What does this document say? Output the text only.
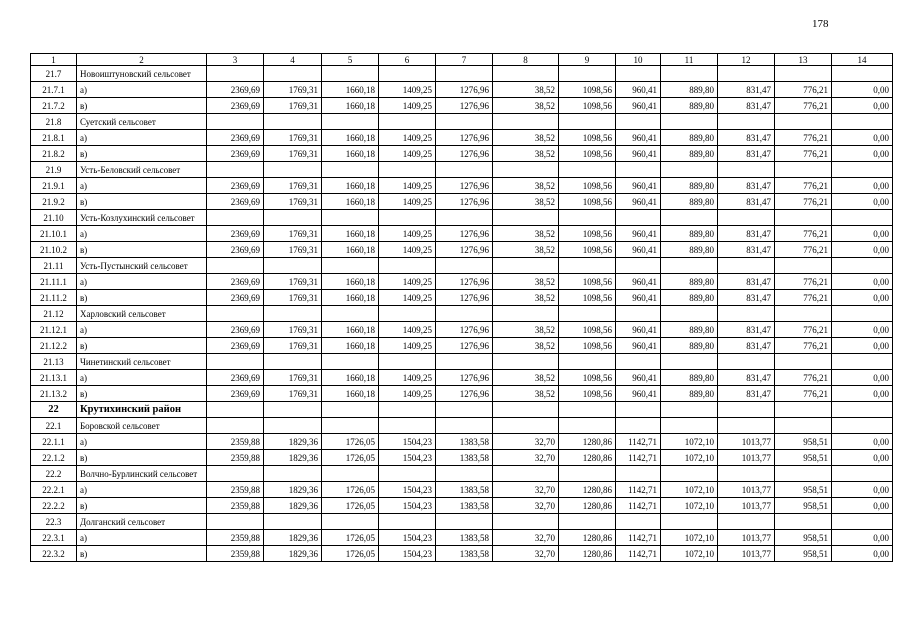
178
1	2	3	4	5	6	7	8	9	10	11	12	13	14
21.7	Новоиштуновский сельсовет												
21.7.1	а)	2369,69	1769,31	1660,18	1409,25	1276,96	38,52	1098,56	960,41	889,80	831,47	776,21	0,00
21.7.2	в)	2369,69	1769,31	1660,18	1409,25	1276,96	38,52	1098,56	960,41	889,80	831,47	776,21	0,00
21.8	Суетский сельсовет												
21.8.1	а)	2369,69	1769,31	1660,18	1409,25	1276,96	38,52	1098,56	960,41	889,80	831,47	776,21	0,00
21.8.2	в)	2369,69	1769,31	1660,18	1409,25	1276,96	38,52	1098,56	960,41	889,80	831,47	776,21	0,00
21.9	Усть-Беловский сельсовет												
21.9.1	а)	2369,69	1769,31	1660,18	1409,25	1276,96	38,52	1098,56	960,41	889,80	831,47	776,21	0,00
21.9.2	в)	2369,69	1769,31	1660,18	1409,25	1276,96	38,52	1098,56	960,41	889,80	831,47	776,21	0,00
21.10	Усть-Козлухинский сельсовет												
21.10.1	а)	2369,69	1769,31	1660,18	1409,25	1276,96	38,52	1098,56	960,41	889,80	831,47	776,21	0,00
21.10.2	в)	2369,69	1769,31	1660,18	1409,25	1276,96	38,52	1098,56	960,41	889,80	831,47	776,21	0,00
21.11	Усть-Пустынский сельсовет												
21.11.1	а)	2369,69	1769,31	1660,18	1409,25	1276,96	38,52	1098,56	960,41	889,80	831,47	776,21	0,00
21.11.2	в)	2369,69	1769,31	1660,18	1409,25	1276,96	38,52	1098,56	960,41	889,80	831,47	776,21	0,00
21.12	Харловский сельсовет												
21.12.1	а)	2369,69	1769,31	1660,18	1409,25	1276,96	38,52	1098,56	960,41	889,80	831,47	776,21	0,00
21.12.2	в)	2369,69	1769,31	1660,18	1409,25	1276,96	38,52	1098,56	960,41	889,80	831,47	776,21	0,00
21.13	Чинетинский сельсовет												
21.13.1	а)	2369,69	1769,31	1660,18	1409,25	1276,96	38,52	1098,56	960,41	889,80	831,47	776,21	0,00
21.13.2	в)	2369,69	1769,31	1660,18	1409,25	1276,96	38,52	1098,56	960,41	889,80	831,47	776,21	0,00
22	Крутихинский район												
22.1	Боровской сельсовет												
22.1.1	а)	2359,88	1829,36	1726,05	1504,23	1383,58	32,70	1280,86	1142,71	1072,10	1013,77	958,51	0,00
22.1.2	в)	2359,88	1829,36	1726,05	1504,23	1383,58	32,70	1280,86	1142,71	1072,10	1013,77	958,51	0,00
22.2	Волчно-Бурлинский сельсовет												
22.2.1	а)	2359,88	1829,36	1726,05	1504,23	1383,58	32,70	1280,86	1142,71	1072,10	1013,77	958,51	0,00
22.2.2	в)	2359,88	1829,36	1726,05	1504,23	1383,58	32,70	1280,86	1142,71	1072,10	1013,77	958,51	0,00
22.3	Долганский сельсовет												
22.3.1	а)	2359,88	1829,36	1726,05	1504,23	1383,58	32,70	1280,86	1142,71	1072,10	1013,77	958,51	0,00
22.3.2	в)	2359,88	1829,36	1726,05	1504,23	1383,58	32,70	1280,86	1142,71	1072,10	1013,77	958,51	0,00
